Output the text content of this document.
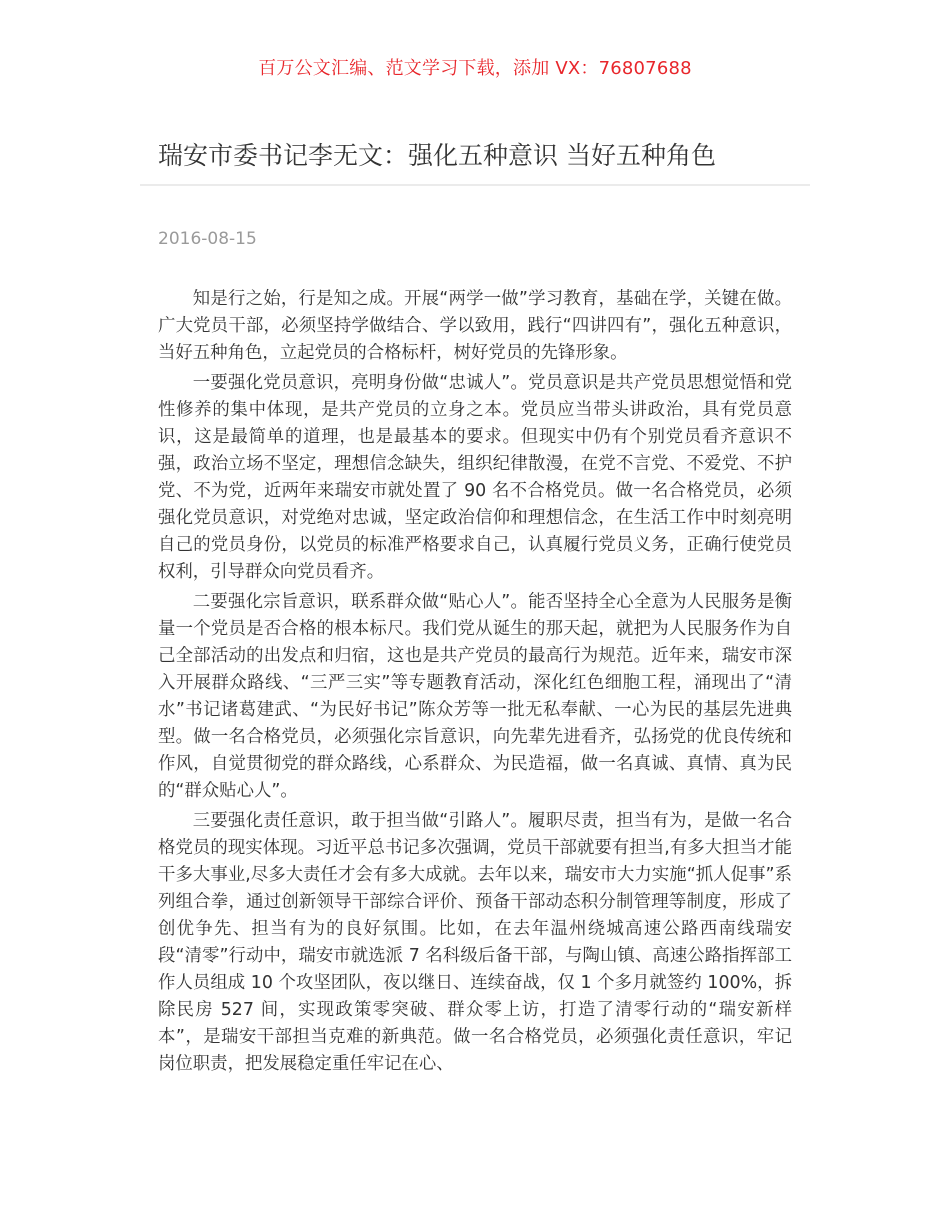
百万公文汇编、范文学习下载，添加 VX：76807688
瑞安市委书记李无文：强化五种意识 当好五种角色
2016-08-15

知是行之始，行是知之成。开展“两学一做”学习教育，基础在学，关键在做。广大党员干部，必须坚持学做结合、学以致用，践行“四讲四有”，强化五种意识，当好五种角色，立起党员的合格标杆，树好党员的先锋形象。

一要强化党员意识，亮明身份做“忠诚人”。党员意识是共产党员思想觉悟和党性修养的集中体现，是共产党员的立身之本。党员应当带头讲政治，具有党员意识，这是最简单的道理，也是最基本的要求。但现实中仍有个别党员看齐意识不强，政治立场不坚定，理想信念缺失，组织纪律散漫，在党不言党、不爱党、不护党、不为党，近两年来瑞安市就处置了 90 名不合格党员。做一名合格党员，必须强化党员意识，对党绝对忠诚，坚定政治信仰和理想信念，在生活工作中时刻亮明自己的党员身份，以党员的标准严格要求自己，认真履行党员义务，正确行使党员权利，引导群众向党员看齐。

二要强化宗旨意识，联系群众做“贴心人”。能否坚持全心全意为人民服务是衡量一个党员是否合格的根本标尺。我们党从诞生的那天起，就把为人民服务作为自己全部活动的出发点和归宿，这也是共产党员的最高行为规范。近年来，瑞安市深入开展群众路线、“三严三实”等专题教育活动，深化红色细胞工程，涌现出了“清水”书记诸葛建武、“为民好书记”陈众芳等一批无私奉献、一心为民的基层先进典型。做一名合格党员，必须强化宗旨意识，向先辈先进看齐，弘扬党的优良传统和作风，自觉贯彻党的群众路线，心系群众、为民造福，做一名真诚、真情、真为民的“群众贴心人”。

三要强化责任意识，敢于担当做“引路人”。履职尽责，担当有为，是做一名合格党员的现实体现。习近平总书记多次强调，党员干部就要有担当,有多大担当才能干多大事业,尽多大责任才会有多大成就。去年以来，瑞安市大力实施“抓人促事”系列组合拳，通过创新领导干部综合评价、预备干部动态积分制管理等制度，形成了创优争先、担当有为的良好氛围。比如，在去年温州绕城高速公路西南线瑞安段“清零”行动中，瑞安市就选派 7 名科级后备干部，与陶山镇、高速公路指挥部工作人员组成 10 个攻坚团队，夜以继日、连续奋战，仅 1 个多月就签约 100%，拆除民房 527 间，实现政策零突破、群众零上访，打造了清零行动的“瑞安新样本”，是瑞安干部担当克难的新典范。做一名合格党员，必须强化责任意识，牢记岗位职责，把发展稳定重任牢记在心、
